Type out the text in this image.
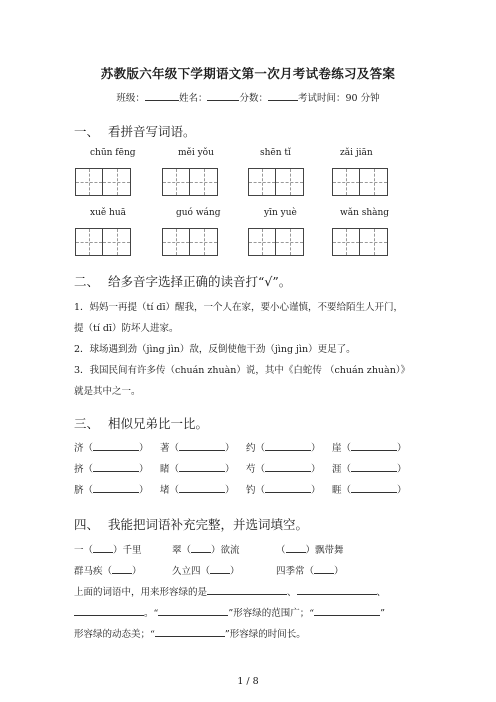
苏教版六年级下学期语文第一次月考试卷练习及答案
班级：	姓名：	分数：	考试时间：90 分钟
一、 看拼音写词语。
chūn fēng	měi yǒu	shēn tǐ	zǎi jiān
xuě huā	guó wáng	yīn yuè	wǎn shàng
二、 给多音字选择正确的读音打“√”。
1．妈妈一再提（tí dī）醒我，一个人在家，要小心谨慎，不要给陌生人开门，
提（tí dī）防坏人进家。
2．球场遇到劲（jìng jìn）敌，反倒使他干劲（jìng jìn）更足了。
3．我国民间有许多传（chuán zhuàn）说，其中《白蛇传 （chuán zhuàn）》
就是其中之一。
三、 相似兄弟比一比。
济（	） 著（	） 约（	） 崖（	）
挤（	） 睹（	） 芍（	） 涯（	）
脐（	） 堵（	） 钓（	） 睚（	）
四、 我能把词语补充完整，并选词填空。
一（ ）千里	翠（ ）欲流	（ ）飘带舞
群马疾（ ）	久立四（ ）	四季常（ ）
上面的词语中，用来形容绿的是	、	、
。“	”形容绿的范围广；“	”
形容绿的动态美；“	”形容绿的时间长。
1 / 8
